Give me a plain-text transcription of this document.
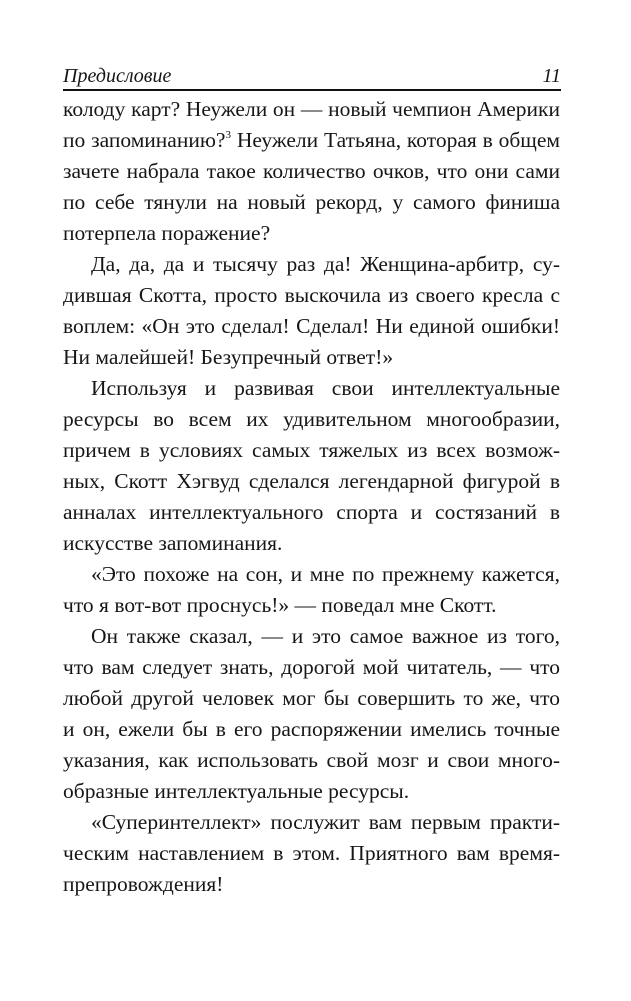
Предисловие	11
колоду карт? Неужели он — новый чемпион Америки
по запоминанию?$^3$ Неужели Татьяна, которая в общем
зачете набрала такое количество очков, что они сами
по себе тянули на новый рекорд, у самого финиша
потерпела поражение?
Да, да, да и тысячу раз да! Женщина-арбитр, су-
дившая Скотта, просто выскочила из своего кресла с
воплем: «Он это сделал! Сделал! Ни единой ошибки!
Ни малейшей! Безупречный ответ!»
Используя и развивая свои интеллектуальные
ресурсы во всем их удивительном многообразии,
причем в условиях самых тяжелых из всех возмож-
ных, Скотт Хэгвуд сделался легендарной фигурой в
анналах интеллектуального спорта и состязаний в
искусстве запоминания.
«Это похоже на сон, и мне по прежнему кажется,
что я вот-вот проснусь!» — поведал мне Скотт.
Он также сказал, — и это самое важное из того,
что вам следует знать, дорогой мой читатель, — что
любой другой человек мог бы совершить то же, что
и он, ежели бы в его распоряжении имелись точные
указания, как использовать свой мозг и свои много-
образные интеллектуальные ресурсы.
«Суперинтеллект» послужит вам первым практи-
ческим наставлением в этом. Приятного вам время-
препровождения!
